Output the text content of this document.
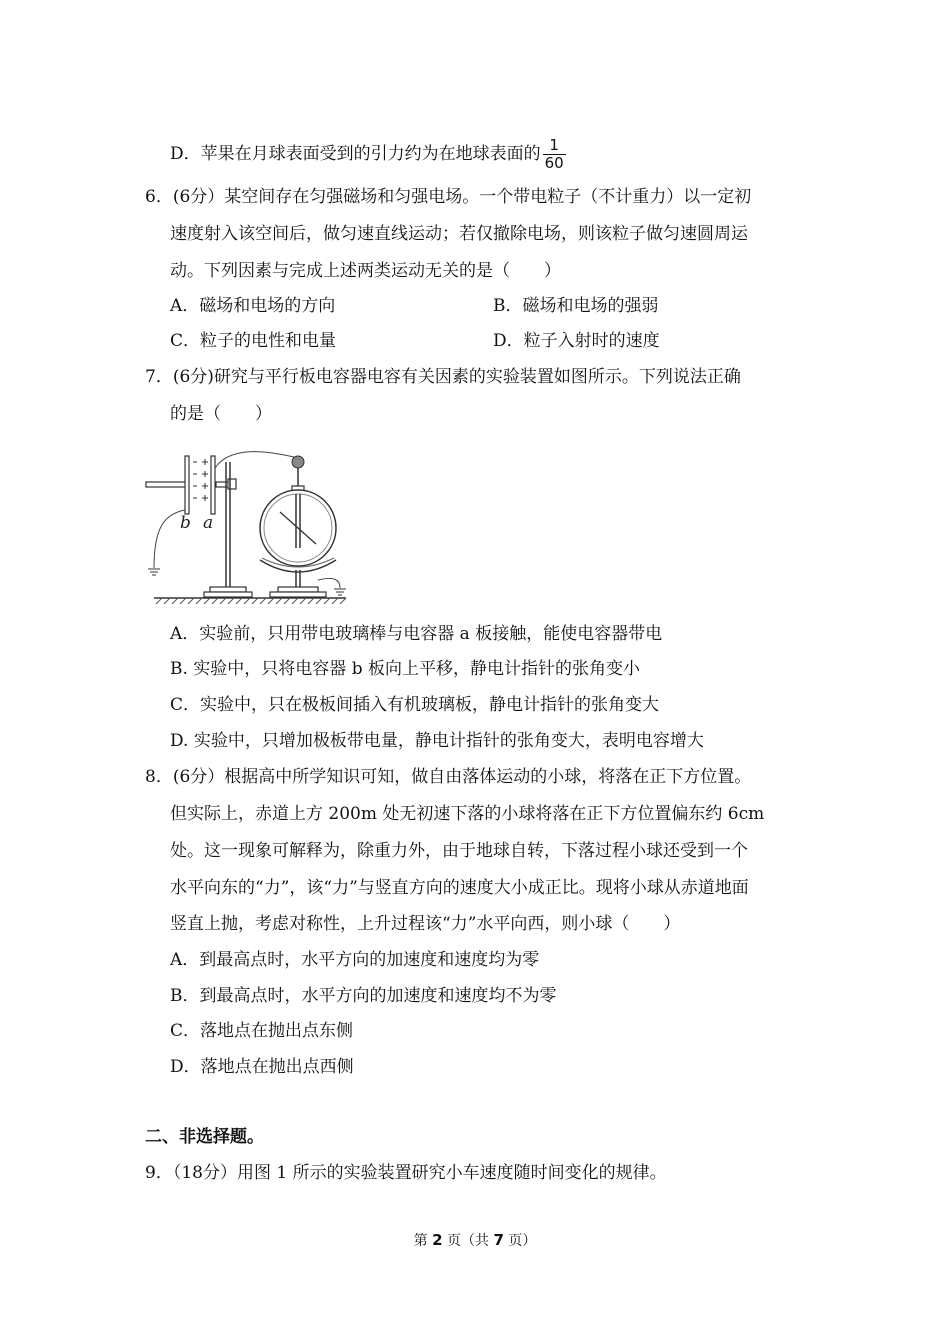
D．苹果在月球表面受到的引力约为在地球表面的 $\frac{1}{60}$
6．(6分）某空间存在匀强磁场和匀强电场。一个带电粒子（不计重力）以一定初
速度射入该空间后，做匀速直线运动；若仅撤除电场，则该粒子做匀速圆周运
动。下列因素与完成上述两类运动无关的是（　　）
A．磁场和电场的方向	B．磁场和电场的强弱
C．粒子的电性和电量	D．粒子入射时的速度
7．(6分)研究与平行板电容器电容有关因素的实验装置如图所示。下列说法正确
的是（　　）
b a
A．实验前，只用带电玻璃棒与电容器 a 板接触，能使电容器带电
B. 实验中，只将电容器 b 板向上平移，静电计指针的张角变小
C．实验中，只在极板间插入有机玻璃板，静电计指针的张角变大
D. 实验中，只增加极板带电量，静电计指针的张角变大，表明电容增大
8．(6分）根据高中所学知识可知，做自由落体运动的小球，将落在正下方位置。
但实际上，赤道上方 200m 处无初速下落的小球将落在正下方位置偏东约 6cm
处。这一现象可解释为，除重力外，由于地球自转，下落过程小球还受到一个
水平向东的“力”，该“力”与竖直方向的速度大小成正比。现将小球从赤道地面
竖直上抛，考虑对称性，上升过程该“力”水平向西，则小球（　　）
A．到最高点时，水平方向的加速度和速度均为零
B．到最高点时，水平方向的加速度和速度均不为零
C．落地点在抛出点东侧
D．落地点在抛出点西侧
二、非选择题。
9．（18分）用图 1 所示的实验装置研究小车速度随时间变化的规律。
第 2 页（共 7 页）
